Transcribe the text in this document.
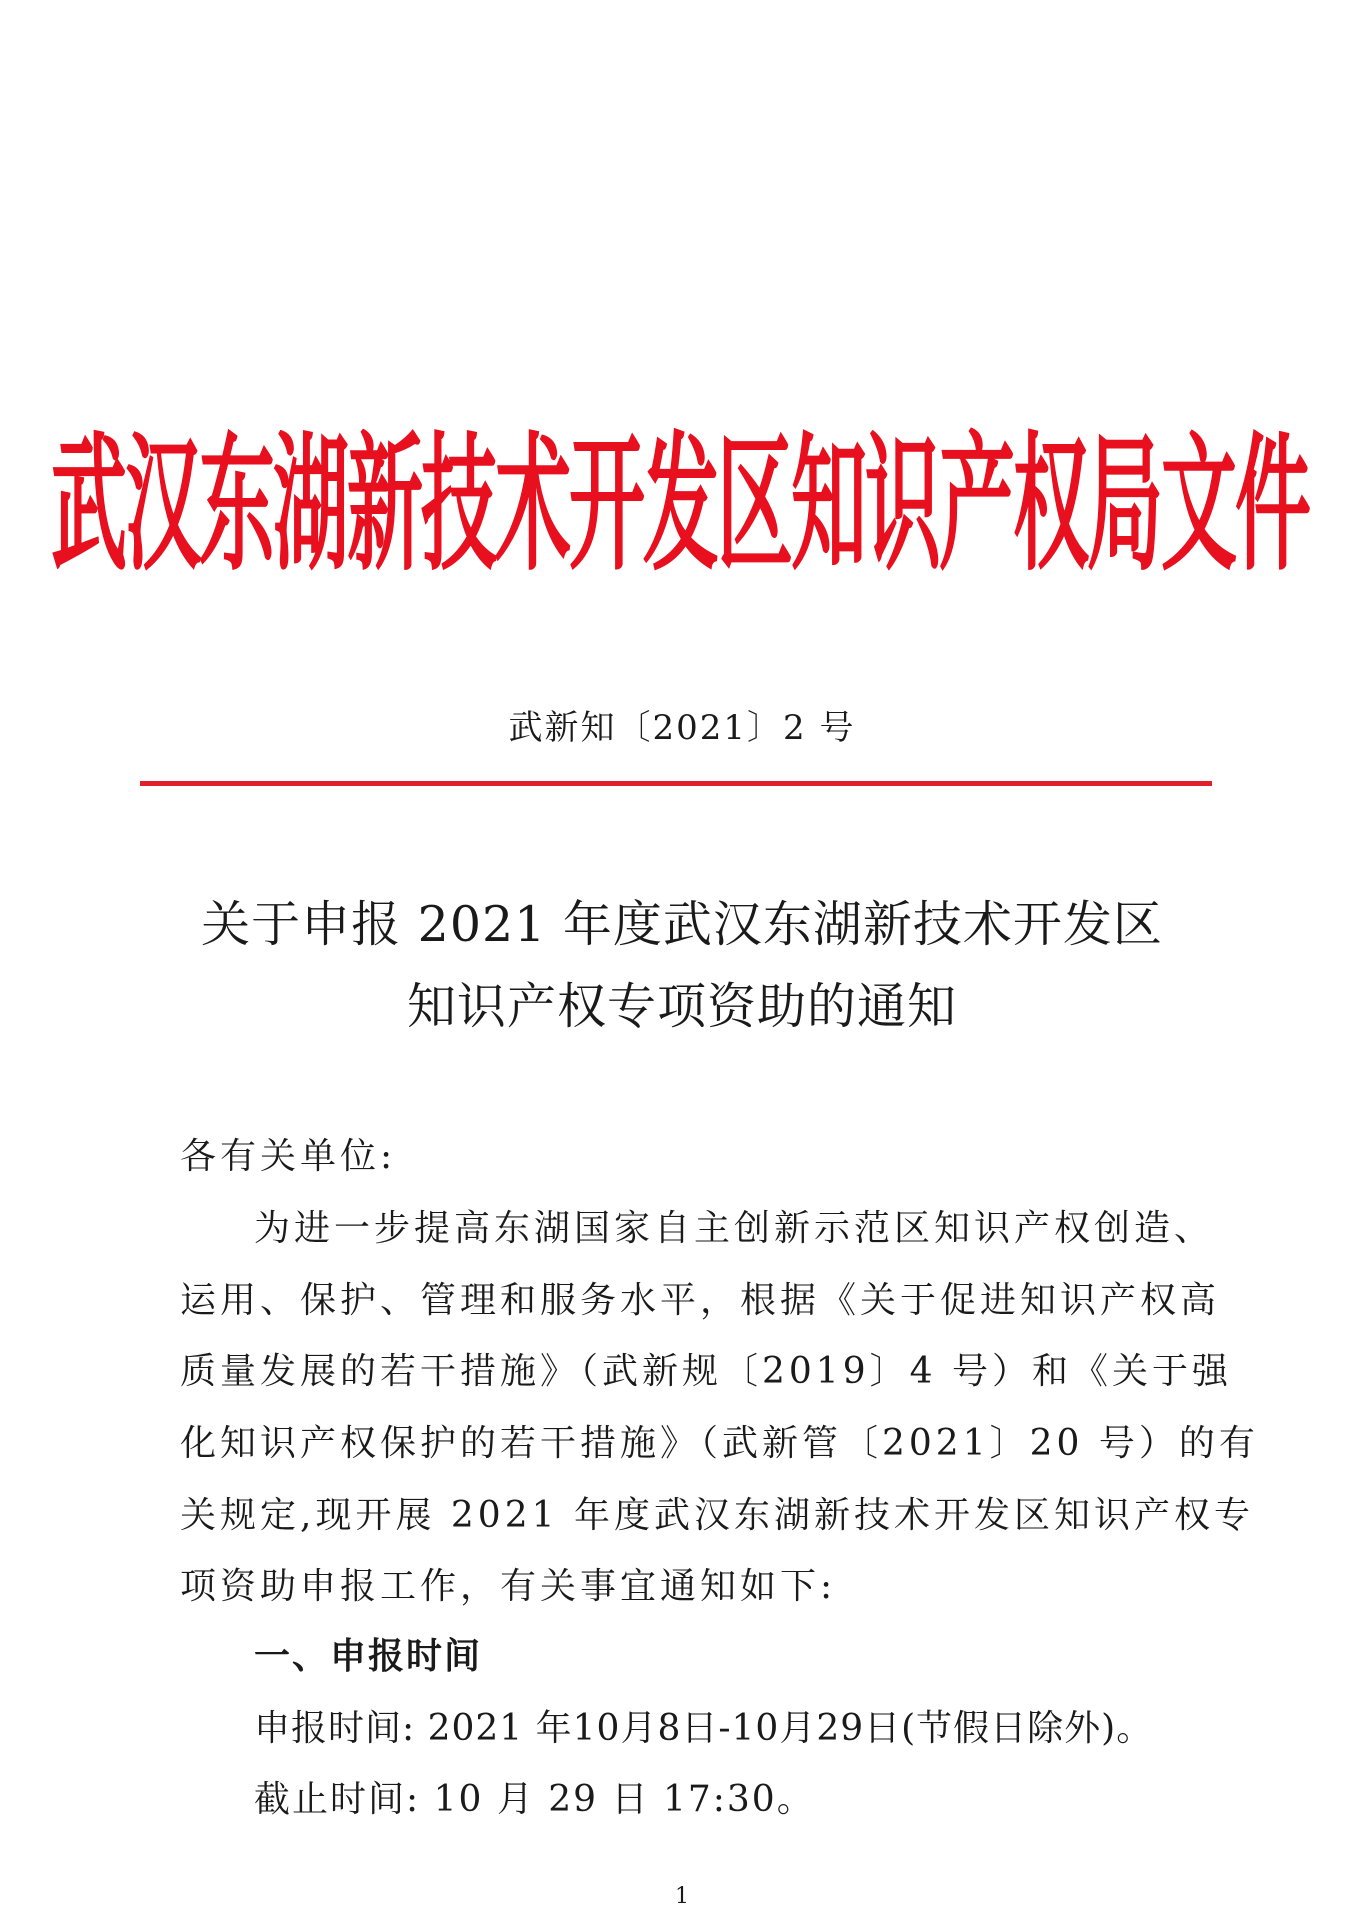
武汉东湖新技术开发区知识产权局文件
武新知〔2021〕2 号
关于申报 2021 年度武汉东湖新技术开发区
知识产权专项资助的通知
各有关单位:
为进一步提高东湖国家自主创新示范区知识产权创造、
运用、保护、管理和服务水平，根据《关于促进知识产权高
质量发展的若干措施》（武新规〔2019〕4 号）和《关于强
化知识产权保护的若干措施》（武新管〔2021〕20 号）的有
关规定,现开展 2021 年度武汉东湖新技术开发区知识产权专
项资助申报工作，有关事宜通知如下:
一、申报时间
申报时间: 2021 年10月8日-10月29日(节假日除外)。
截止时间: 10 月 29 日 17:30。
1
